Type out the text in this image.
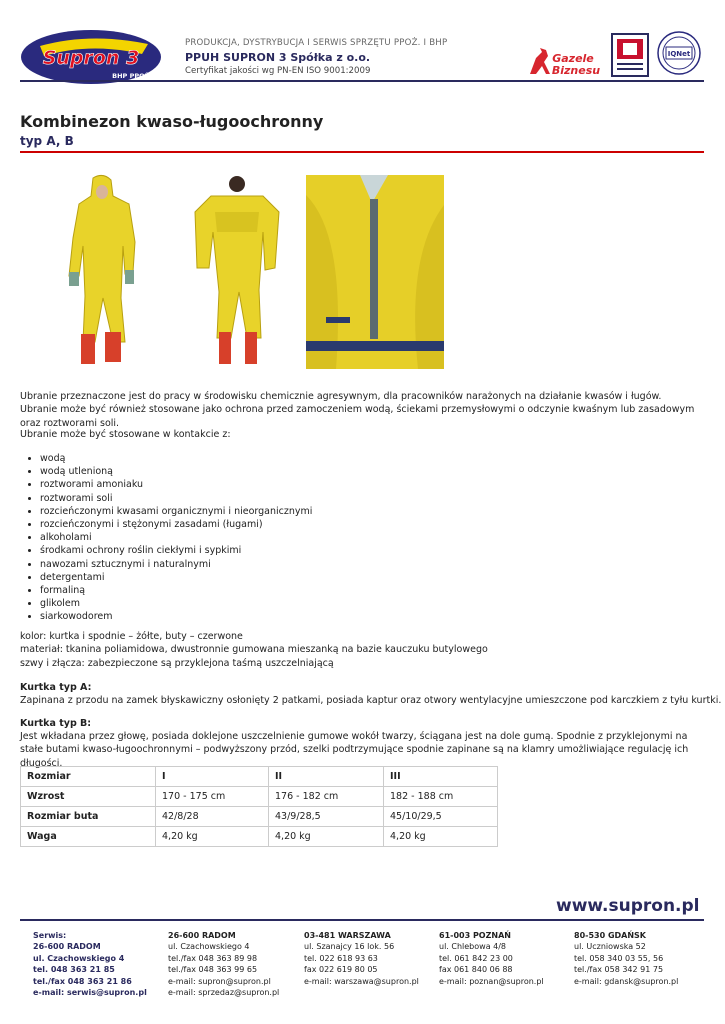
Supron 3
BHP PPOŻ.
PRODUKCJA, DYSTRYBUCJA I SERWIS SPRZĘTU PPOŻ. I BHP
PPUH SUPRON 3 Spółka z o.o.
Certyfikat jakości wg PN-EN ISO 9001:2009
Gazele
Biznesu
IQNet
Kombinezon kwaso-ługoochronny
typ A, B
Ubranie przeznaczone jest do pracy w środowisku chemicznie agresywnym, dla pracowników narażonych na działanie kwasów i ługów. Ubranie może być również stosowane jako ochrona przed zamoczeniem wodą, ściekami przemysłowymi o odczynie kwaśnym lub zasadowym oraz roztworami soli.
Ubranie może być stosowane w kontakcie z:
• wodą
• wodą utlenioną
• roztworami amoniaku
• roztworami soli
• rozcieńczonymi kwasami organicznymi i nieorganicznymi
• rozcieńczonymi i stężonymi zasadami (ługami)
• alkoholami
• środkami ochrony roślin ciekłymi i sypkimi
• nawozami sztucznymi i naturalnymi
• detergentami
• formaliną
• glikolem
• siarkowodorem
kolor: kurtka i spodnie – żółte, buty – czerwone
materiał: tkanina poliamidowa, dwustronnie gumowana mieszanką na bazie kauczuku butylowego
szwy i złącza: zabezpieczone są przyklejona taśmą uszczelniającą
Kurtka typ A:
Zapinana z przodu na zamek błyskawiczny osłonięty 2 patkami, posiada kaptur oraz otwory wentylacyjne umieszczone pod karczkiem z tyłu kurtki.
Kurtka typ B:
Jest wkładana przez głowę, posiada doklejone uszczelnienie gumowe wokół twarzy, ściągana jest na dole gumą. Spodnie z przyklejonymi na stałe butami kwaso-ługoochronnymi – podwyższony przód, szelki podtrzymujące spodnie zapinane są na klamry umożliwiające regulację ich długości.
Rozmiar	I	II	III
Wzrost	170 - 175 cm	176 - 182 cm	182 - 188 cm
Rozmiar buta	42/8/28	43/9/28,5	45/10/29,5
Waga	4,20 kg	4,20 kg	4,20 kg
www.supron.pl
Serwis:
26-600 RADOM
ul. Czachowskiego 4
tel. 048 363 21 85
tel./fax 048 363 21 86
e-mail: serwis@supron.pl
26-600 RADOM
ul. Czachowskiego 4
tel./fax 048 363 89 98
tel./fax 048 363 99 65
e-mail: supron@supron.pl
e-mail: sprzedaz@supron.pl
03-481 WARSZAWA
ul. Szanajcy 16 lok. 56
tel. 022 618 93 63
fax 022 619 80 05
e-mail: warszawa@supron.pl
61-003 POZNAŃ
ul. Chlebowa 4/8
tel. 061 842 23 00
fax 061 840 06 88
e-mail: poznan@supron.pl
80-530 GDAŃSK
ul. Uczniowska 52
tel. 058 340 03 55, 56
tel./fax 058 342 91 75
e-mail: gdansk@supron.pl
